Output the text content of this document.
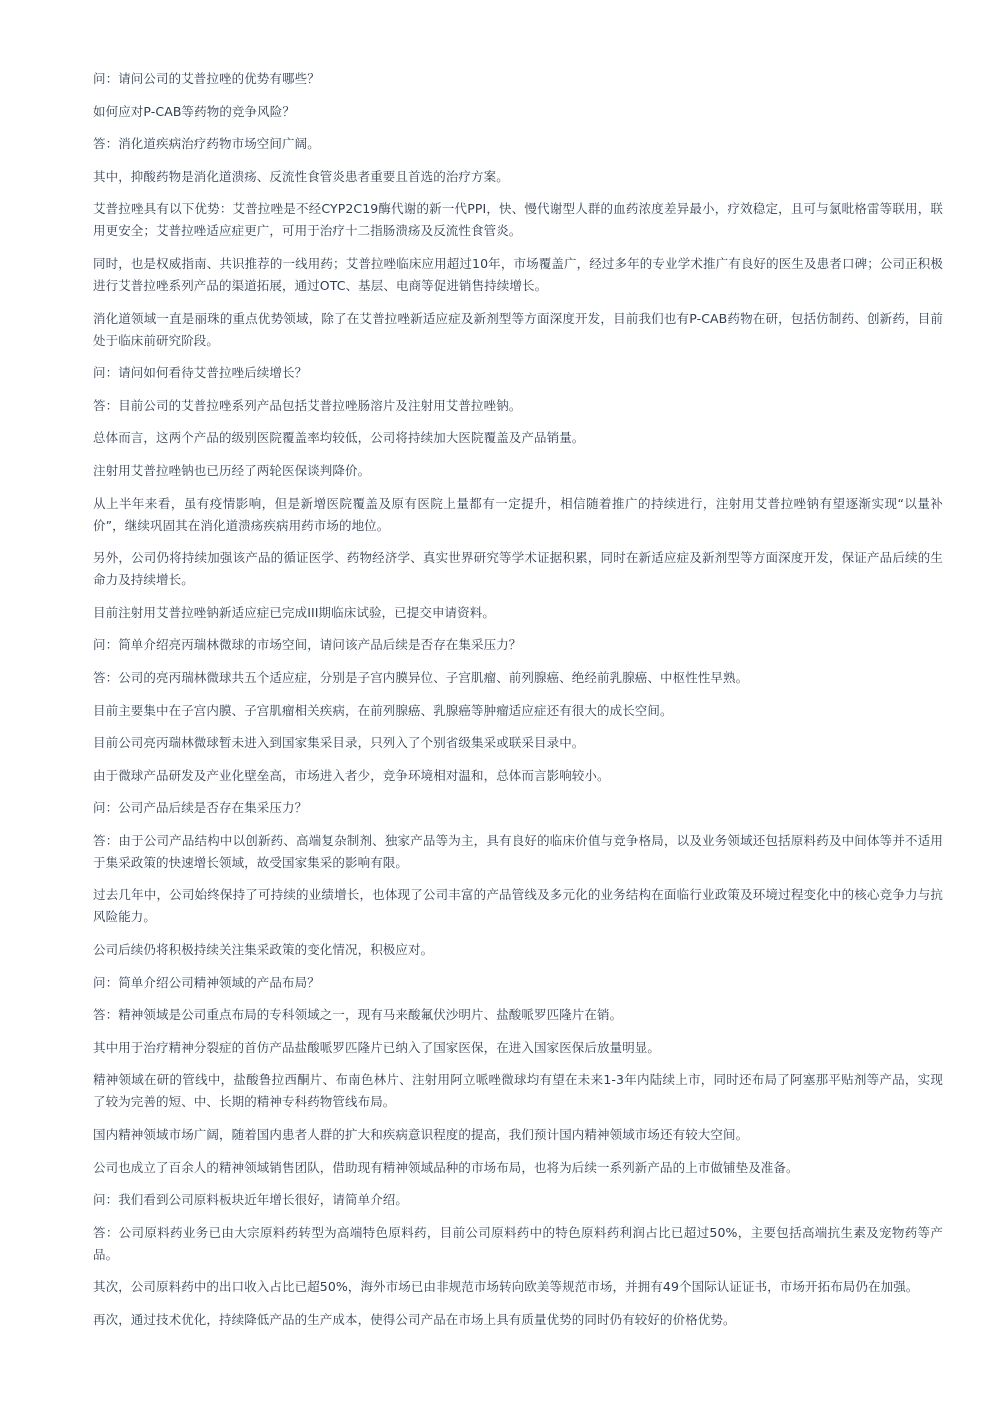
问：请问公司的艾普拉唑的优势有哪些？

如何应对P-CAB等药物的竞争风险？

答：消化道疾病治疗药物市场空间广阔。

其中，抑酸药物是消化道溃疡、反流性食管炎患者重要且首选的治疗方案。

艾普拉唑具有以下优势：艾普拉唑是不经CYP2C19酶代谢的新一代PPI，快、慢代谢型人群的血药浓度差异最小，疗效稳定，且可与氯吡格雷等联用，联用更安全；艾普拉唑适应症更广，可用于治疗十二指肠溃疡及反流性食管炎。

同时，也是权威指南、共识推荐的一线用药；艾普拉唑临床应用超过10年，市场覆盖广，经过多年的专业学术推广有良好的医生及患者口碑；公司正积极进行艾普拉唑系列产品的渠道拓展，通过OTC、基层、电商等促进销售持续增长。

消化道领域一直是丽珠的重点优势领域，除了在艾普拉唑新适应症及新剂型等方面深度开发，目前我们也有P-CAB药物在研，包括仿制药、创新药，目前处于临床前研究阶段。

问：请问如何看待艾普拉唑后续增长？

答：目前公司的艾普拉唑系列产品包括艾普拉唑肠溶片及注射用艾普拉唑钠。

总体而言，这两个产品的级别医院覆盖率均较低，公司将持续加大医院覆盖及产品销量。

注射用艾普拉唑钠也已历经了两轮医保谈判降价。

从上半年来看，虽有疫情影响，但是新增医院覆盖及原有医院上量都有一定提升，相信随着推广的持续进行，注射用艾普拉唑钠有望逐渐实现“以量补价”，继续巩固其在消化道溃疡疾病用药市场的地位。

另外，公司仍将持续加强该产品的循证医学、药物经济学、真实世界研究等学术证据积累，同时在新适应症及新剂型等方面深度开发，保证产品后续的生命力及持续增长。

目前注射用艾普拉唑钠新适应症已完成III期临床试验，已提交申请资料。

问：简单介绍亮丙瑞林微球的市场空间，请问该产品后续是否存在集采压力？

答：公司的亮丙瑞林微球共五个适应症，分别是子宫内膜异位、子宫肌瘤、前列腺癌、绝经前乳腺癌、中枢性性早熟。

目前主要集中在子宫内膜、子宫肌瘤相关疾病，在前列腺癌、乳腺癌等肿瘤适应症还有很大的成长空间。

目前公司亮丙瑞林微球暂未进入到国家集采目录，只列入了个别省级集采或联采目录中。

由于微球产品研发及产业化壁垒高，市场进入者少，竞争环境相对温和，总体而言影响较小。

问：公司产品后续是否存在集采压力？

答：由于公司产品结构中以创新药、高端复杂制剂、独家产品等为主，具有良好的临床价值与竞争格局，以及业务领域还包括原料药及中间体等并不适用于集采政策的快速增长领域，故受国家集采的影响有限。

过去几年中，公司始终保持了可持续的业绩增长，也体现了公司丰富的产品管线及多元化的业务结构在面临行业政策及环境过程变化中的核心竞争力与抗风险能力。

公司后续仍将积极持续关注集采政策的变化情况，积极应对。

问：简单介绍公司精神领域的产品布局？

答：精神领域是公司重点布局的专科领域之一，现有马来酸氟伏沙明片、盐酸哌罗匹隆片在销。

其中用于治疗精神分裂症的首仿产品盐酸哌罗匹隆片已纳入了国家医保，在进入国家医保后放量明显。

精神领域在研的管线中，盐酸鲁拉西酮片、布南色林片、注射用阿立哌唑微球均有望在未来1-3年内陆续上市，同时还布局了阿塞那平贴剂等产品，实现了较为完善的短、中、长期的精神专科药物管线布局。

国内精神领域市场广阔，随着国内患者人群的扩大和疾病意识程度的提高，我们预计国内精神领域市场还有较大空间。

公司也成立了百余人的精神领域销售团队，借助现有精神领域品种的市场布局，也将为后续一系列新产品的上市做铺垫及准备。

问：我们看到公司原料板块近年增长很好，请简单介绍。

答：公司原料药业务已由大宗原料药转型为高端特色原料药，目前公司原料药中的特色原料药利润占比已超过50%，主要包括高端抗生素及宠物药等产品。

其次，公司原料药中的出口收入占比已超50%，海外市场已由非规范市场转向欧美等规范市场，并拥有49个国际认证证书，市场开拓布局仍在加强。

再次，通过技术优化，持续降低产品的生产成本，使得公司产品在市场上具有质量优势的同时仍有较好的价格优势。
